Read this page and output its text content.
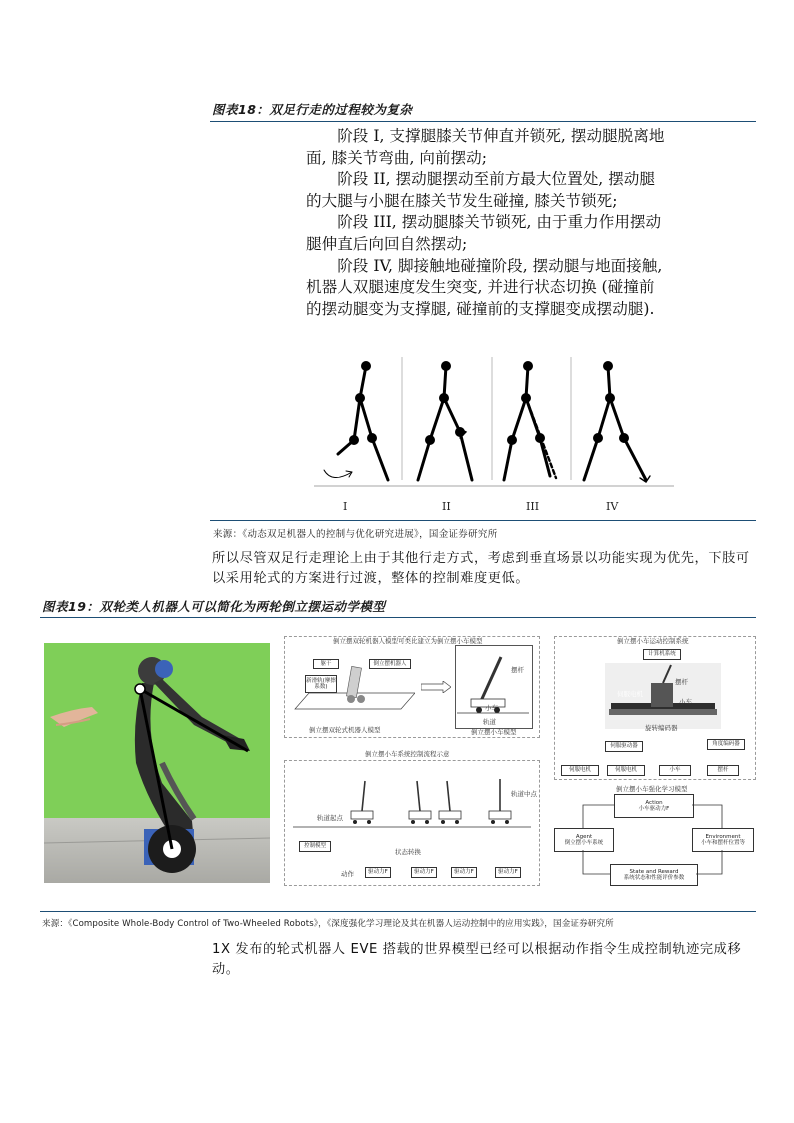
图表18：双足行走的过程较为复杂

阶段 I, 支撑腿膝关节伸直并锁死, 摆动腿脱离地面, 膝关节弯曲, 向前摆动;

阶段 II, 摆动腿摆动至前方最大位置处, 摆动腿的大腿与小腿在膝关节发生碰撞, 膝关节锁死;

阶段 III, 摆动腿膝关节锁死, 由于重力作用摆动腿伸直后向回自然摆动;

阶段 IV, 脚接触地碰撞阶段, 摆动腿与地面接触, 机器人双腿速度发生突变, 并进行状态切换 (碰撞前的摆动腿变为支撑腿, 碰撞前的支撑腿变成摆动腿).

I	II	III	IV
来源：《动态双足机器人的控制与优化研究进展》，国金证券研究所
所以尽管双足行走理论上由于其他行走方式，考虑到垂直场景以功能实现为优先，下肢可以采用轮式的方案进行过渡，整体的控制难度更低。
图表19：双轮类人机器人可以简化为两轮倒立摆运动学模型
倒立摆双轮机器人模型可类比建立为倒立摆小车模型
躯干	倒立摆机器人
新滑轨(摩擦系数)
倒立摆双轮式机器人模型
摆杆
小车
轨道
倒立摆小车模型
倒立摆小车系统控制流程示意
轨道起点
轨道中点
控制模型
状态转换
动作	驱动力F	驱动力F	驱动力F	驱动力F
倒立摆小车运动控制系统
计算机系统
伺服电机
摆杆
小车
旋转编码器
伺服驱动器	角度编码器
伺服电机	伺服电机	小车	摆杆
倒立摆小车强化学习模型
Action
小车驱动力F
Agent
倒立摆小车系统
Environment
小车和摆杆位置等
State and Reward
系统状态和性能评价参数
来源：《Composite Whole-Body Control of Two-Wheeled Robots》，《深度强化学习理论及其在机器人运动控制中的应用实践》，国金证券研究所
1X 发布的轮式机器人 EVE 搭载的世界模型已经可以根据动作指令生成控制轨迹完成移动。
